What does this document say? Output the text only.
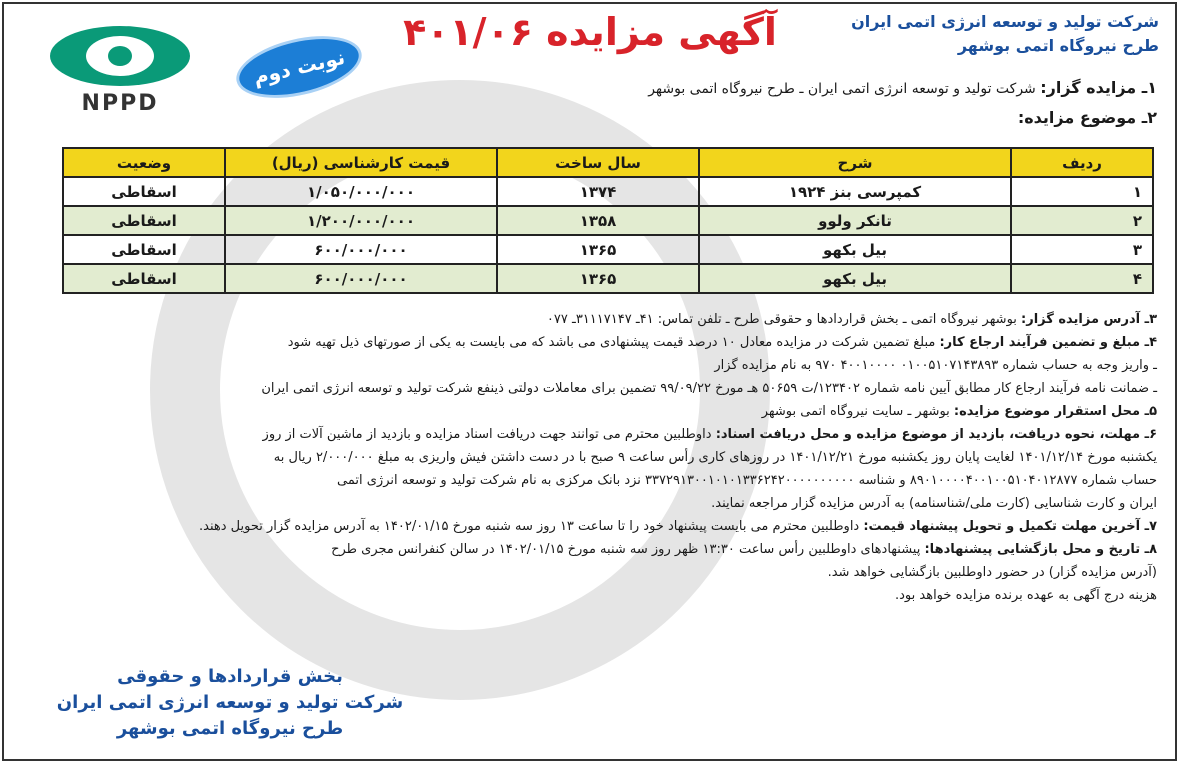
NPPD
نوبت دوم
آگهی مزایده ۴۰۱/۰۶	شرکت تولید و توسعه انرژی اتمی ایران
طرح نیروگاه اتمی بوشهر
۱ـ مزایده گزار: شرکت تولید و توسعه انرژی اتمی ایران ـ طرح نیروگاه اتمی بوشهر
۲ـ موضوع مزایده:
ردیف	شرح	سال ساخت	قیمت کارشناسی (ریال)	وضعیت
۱	کمپرسی بنز ۱۹۲۴	۱۳۷۴	۱/۰۵۰/۰۰۰/۰۰۰	اسقاطی
۲	تانکر ولوو	۱۳۵۸	۱/۲۰۰/۰۰۰/۰۰۰	اسقاطی
۳	بیل بکهو	۱۳۶۵	۶۰۰/۰۰۰/۰۰۰	اسقاطی
۴	بیل بکهو	۱۳۶۵	۶۰۰/۰۰۰/۰۰۰	اسقاطی
۳ـ آدرس مزایده گزار: بوشهر نیروگاه اتمی ـ بخش قراردادها و حقوقی طرح ـ تلفن تماس: ۴۱ـ ۳۱۱۱۷۱۴۷ـ ۰۷۷
۴ـ مبلغ و تضمین فرآیند ارجاع کار: مبلغ تضمین شرکت در مزایده معادل ۱۰ درصد قیمت پیشنهادی می باشد که می بایست به یکی از صورتهای ذیل تهیه شود
ـ واریز وجه به حساب شماره ۰۱۰۰۵۱۰۷۱۴۳۸۹۳ ۴۰۰۱۰۰۰۰ ۹۷۰ به نام مزایده گزار
ـ ضمانت نامه فرآیند ارجاع کار مطابق آیین نامه شماره ۱۲۳۴۰۲/ت ۵۰۶۵۹ هـ مورخ ۹۹/۰۹/۲۲ تضمین برای معاملات دولتی ذینفع شرکت تولید و توسعه انرژی اتمی ایران
۵ـ محل استقرار موضوع مزایده: بوشهر ـ سایت نیروگاه اتمی بوشهر
۶ـ مهلت، نحوه دریافت، بازدید از موضوع مزایده و محل دریافت اسناد: داوطلبین محترم می توانند جهت دریافت اسناد مزایده و بازدید از ماشین آلات از روز
یکشنبه مورخ ۱۴۰۱/۱۲/۱۴ لغایت پایان روز یکشنبه مورخ ۱۴۰۱/۱۲/۲۱ در روزهای کاری رأس ساعت ۹ صبح با در دست داشتن فیش واریزی به مبلغ ۲/۰۰۰/۰۰۰ ریال به
حساب شماره ۸۹۰۱۰۰۰۰۴۰۰۱۰۰۵۱۰۴۰۱۲۸۷۷ و شناسه ۳۳۷۲۹۱۳۰۰۱۰۱۰۱۳۳۶۲۴۲۰۰۰۰۰۰۰۰۰۰ نزد بانک مرکزی به نام شرکت تولید و توسعه انرژی اتمی
ایران و کارت شناسایی (کارت ملی/شناسنامه) به آدرس مزایده گزار مراجعه نمایند.
۷ـ آخرین مهلت تکمیل و تحویل پیشنهاد قیمت: داوطلبین محترم می بایست پیشنهاد خود را تا ساعت ۱۳ روز سه شنبه مورخ ۱۴۰۲/۰۱/۱۵ به آدرس مزایده گزار تحویل دهند.
۸ـ تاریخ و محل بازگشایی پیشنهادها: پیشنهادهای داوطلبین رأس ساعت ۱۳:۳۰ ظهر روز سه شنبه مورخ ۱۴۰۲/۰۱/۱۵ در سالن کنفرانس مجری طرح
(آدرس مزایده گزار) در حضور داوطلبین بازگشایی خواهد شد.
هزینه درج آگهی به عهده برنده مزایده خواهد بود.
بخش قراردادها و حقوقی
شرکت تولید و توسعه انرژی اتمی ایران
طرح نیروگاه اتمی بوشهر
